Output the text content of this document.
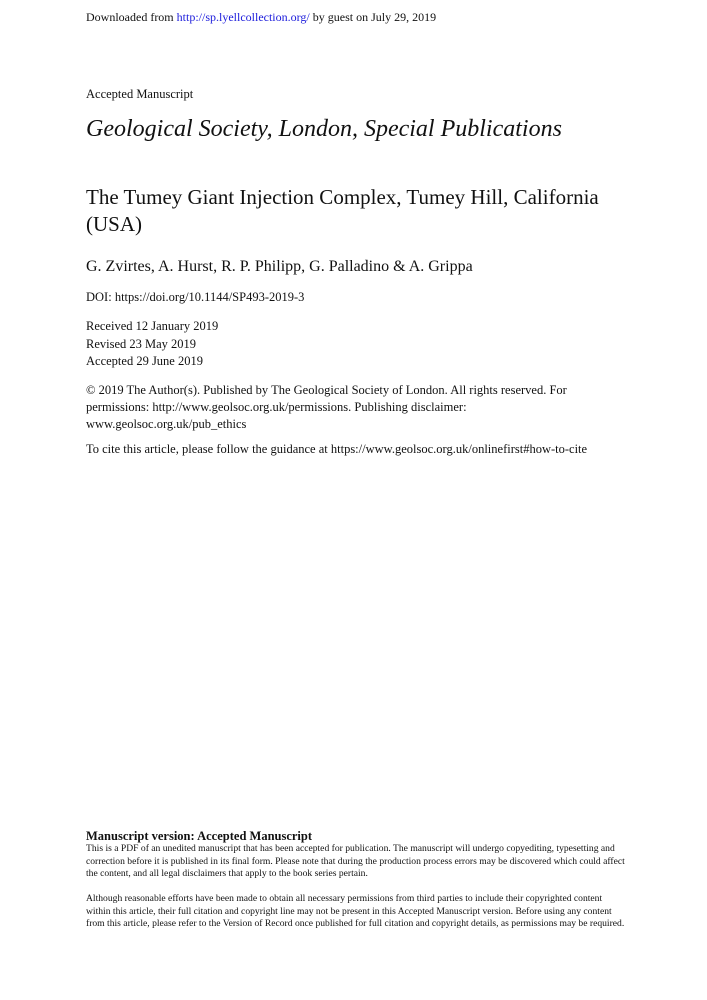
Downloaded from http://sp.lyellcollection.org/ by guest on July 29, 2019

Accepted Manuscript

Geological Society, London, Special Publications
The Tumey Giant Injection Complex, Tumey Hill, California (USA)

G. Zvirtes, A. Hurst, R. P. Philipp, G. Palladino & A. Grippa

DOI: https://doi.org/10.1144/SP493-2019-3

Received 12 January 2019
Revised 23 May 2019
Accepted 29 June 2019

© 2019 The Author(s). Published by The Geological Society of London. All rights reserved. For permissions: http://www.geolsoc.org.uk/permissions. Publishing disclaimer: www.geolsoc.org.uk/pub_ethics

To cite this article, please follow the guidance at https://www.geolsoc.org.uk/onlinefirst#how-to-cite

Manuscript version: Accepted Manuscript

This is a PDF of an unedited manuscript that has been accepted for publication. The manuscript will undergo copyediting, typesetting and correction before it is published in its final form. Please note that during the production process errors may be discovered which could affect the content, and all legal disclaimers that apply to the book series pertain.

Although reasonable efforts have been made to obtain all necessary permissions from third parties to include their copyrighted content within this article, their full citation and copyright line may not be present in this Accepted Manuscript version. Before using any content from this article, please refer to the Version of Record once published for full citation and copyright details, as permissions may be required.
